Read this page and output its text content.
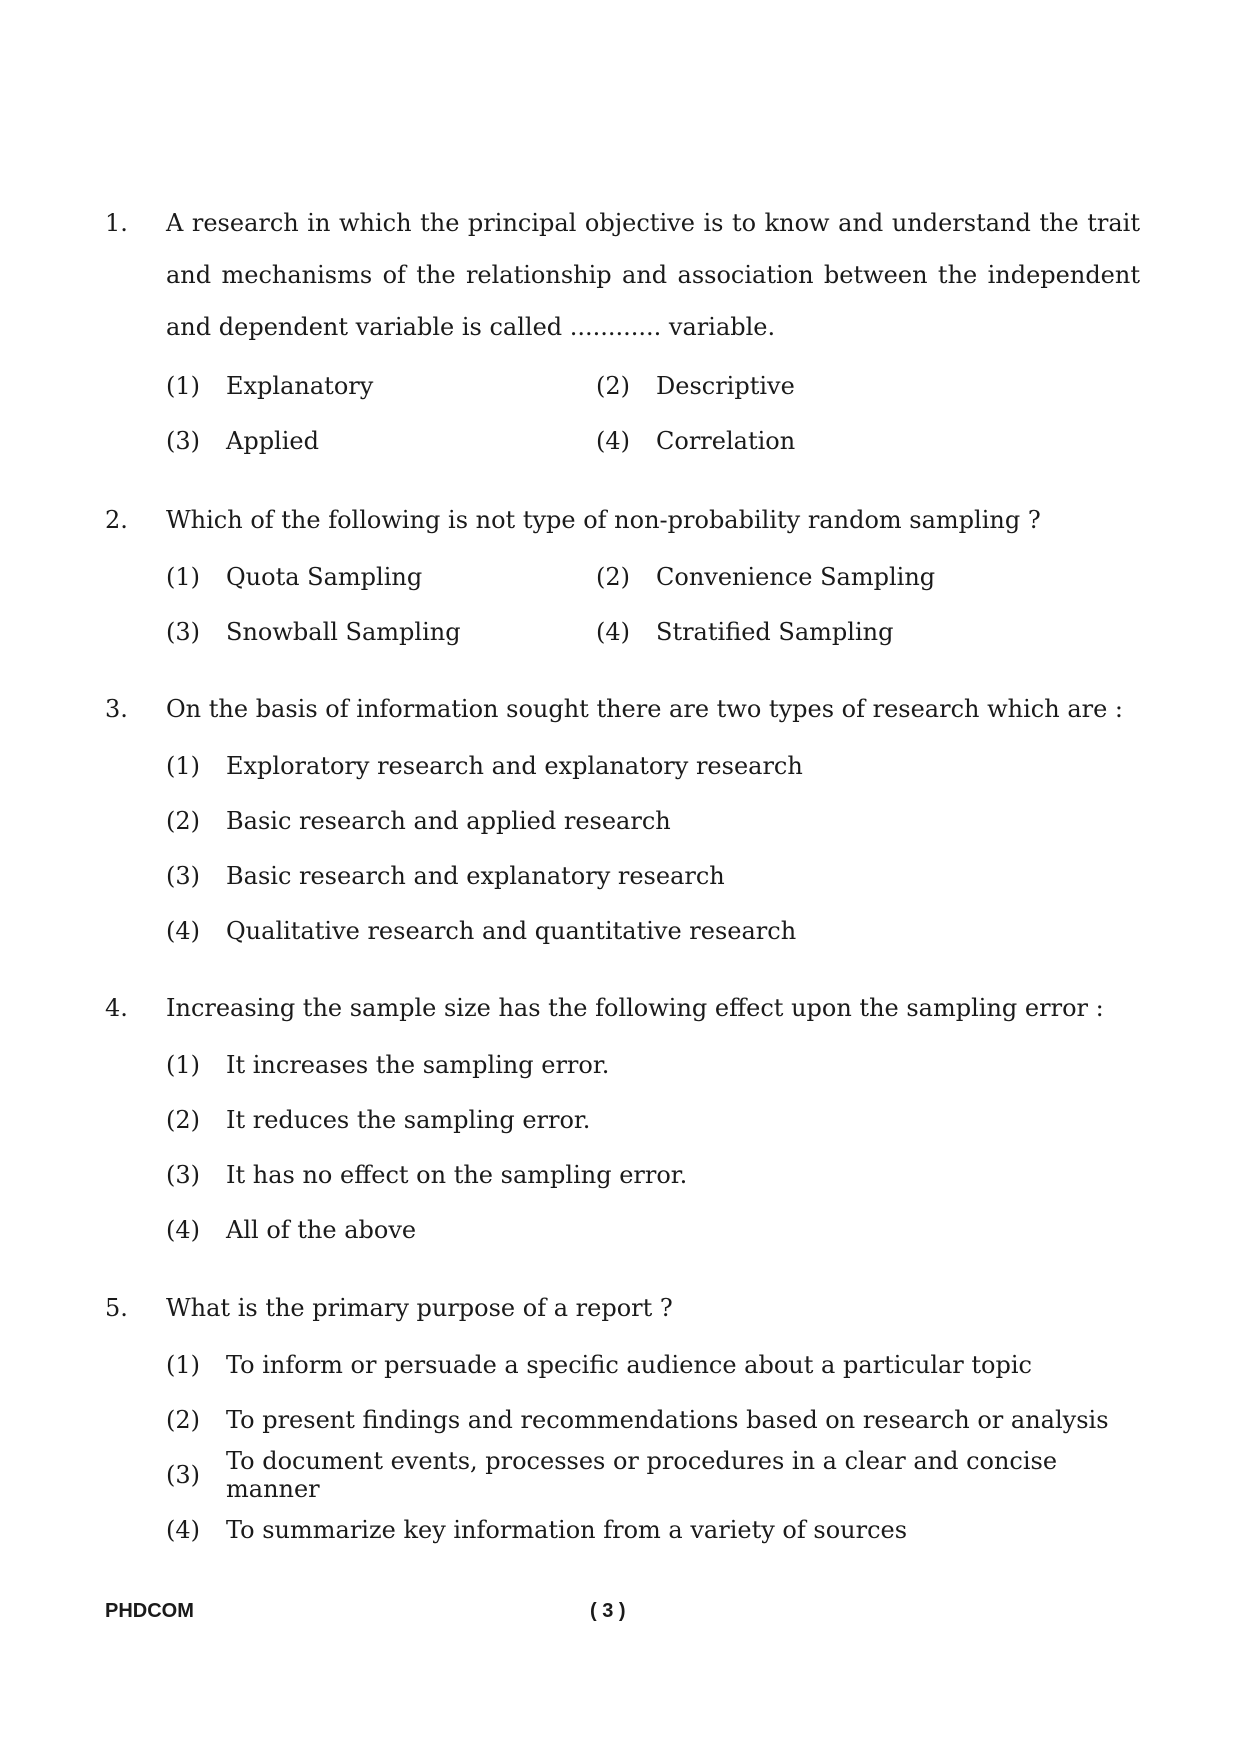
1.	A research in which the principal objective is to know and understand the trait and mechanisms of the relationship and association between the independent and dependent variable is called ............ variable.
(1)	Explanatory	(2)	Descriptive
(3)	Applied	(4)	Correlation
2.	Which of the following is not type of non-probability random sampling ?
(1)	Quota Sampling	(2)	Convenience Sampling
(3)	Snowball Sampling	(4)	Stratified Sampling
3.	On the basis of information sought there are two types of research which are :
(1)	Exploratory research and explanatory research
(2)	Basic research and applied research
(3)	Basic research and explanatory research
(4)	Qualitative research and quantitative research
4.	Increasing the sample size has the following effect upon the sampling error :
(1)	It increases the sampling error.
(2)	It reduces the sampling error.
(3)	It has no effect on the sampling error.
(4)	All of the above
5.	What is the primary purpose of a report ?
(1)	To inform or persuade a specific audience about a particular topic
(2)	To present findings and recommendations based on research or analysis
(3)	To document events, processes or procedures in a clear and concise manner
(4)	To summarize key information from a variety of sources
PHDCOM	( 3 )
